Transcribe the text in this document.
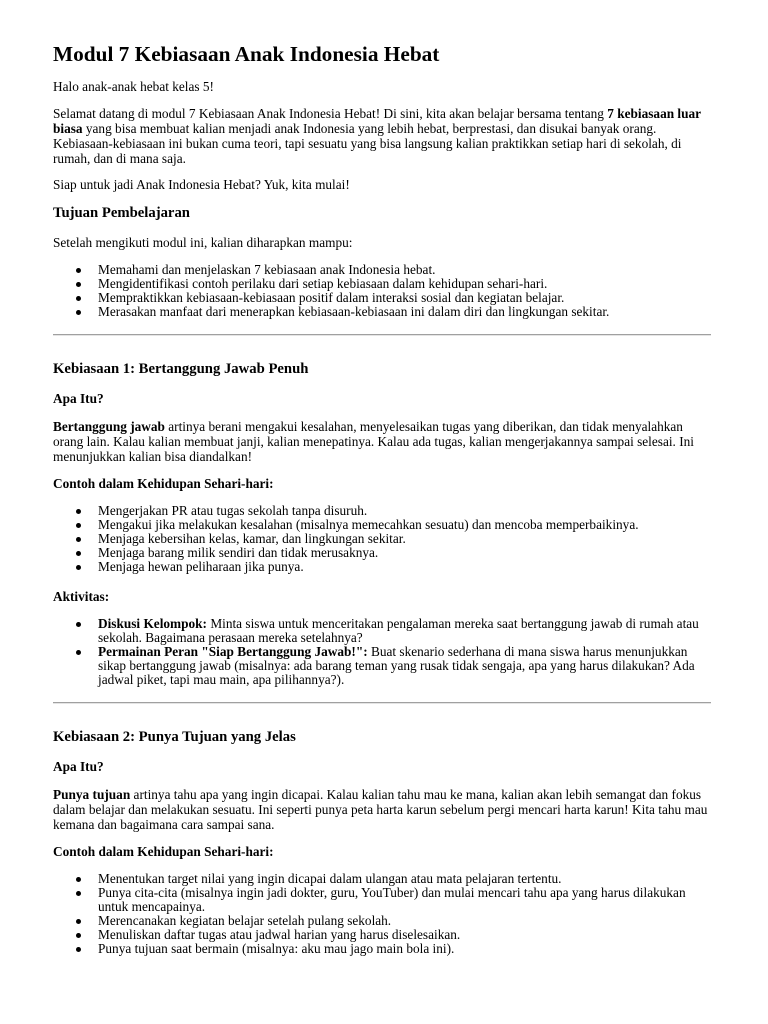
Modul 7 Kebiasaan Anak Indonesia Hebat

Halo anak-anak hebat kelas 5!

Selamat datang di modul 7 Kebiasaan Anak Indonesia Hebat! Di sini, kita akan belajar bersama tentang 7 kebiasaan luar biasa yang bisa membuat kalian menjadi anak Indonesia yang lebih hebat, berprestasi, dan disukai banyak orang. Kebiasaan-kebiasaan ini bukan cuma teori, tapi sesuatu yang bisa langsung kalian praktikkan setiap hari di sekolah, di rumah, dan di mana saja.

Siap untuk jadi Anak Indonesia Hebat? Yuk, kita mulai!

Tujuan Pembelajaran

Setelah mengikuti modul ini, kalian diharapkan mampu:

Memahami dan menjelaskan 7 kebiasaan anak Indonesia hebat.
Mengidentifikasi contoh perilaku dari setiap kebiasaan dalam kehidupan sehari-hari.
Mempraktikkan kebiasaan-kebiasaan positif dalam interaksi sosial dan kegiatan belajar.
Merasakan manfaat dari menerapkan kebiasaan-kebiasaan ini dalam diri dan lingkungan sekitar.
Kebiasaan 1: Bertanggung Jawab Penuh
Apa Itu?

Bertanggung jawab artinya berani mengakui kesalahan, menyelesaikan tugas yang diberikan, dan tidak menyalahkan orang lain. Kalau kalian membuat janji, kalian menepatinya. Kalau ada tugas, kalian mengerjakannya sampai selesai. Ini menunjukkan kalian bisa diandalkan!

Contoh dalam Kehidupan Sehari-hari:
Mengerjakan PR atau tugas sekolah tanpa disuruh.
Mengakui jika melakukan kesalahan (misalnya memecahkan sesuatu) dan mencoba memperbaikinya.
Menjaga kebersihan kelas, kamar, dan lingkungan sekitar.
Menjaga barang milik sendiri dan tidak merusaknya.
Menjaga hewan peliharaan jika punya.
Aktivitas:
Diskusi Kelompok: Minta siswa untuk menceritakan pengalaman mereka saat bertanggung jawab di rumah atau sekolah. Bagaimana perasaan mereka setelahnya?
Permainan Peran "Siap Bertanggung Jawab!": Buat skenario sederhana di mana siswa harus menunjukkan sikap bertanggung jawab (misalnya: ada barang teman yang rusak tidak sengaja, apa yang harus dilakukan? Ada jadwal piket, tapi mau main, apa pilihannya?).
Kebiasaan 2: Punya Tujuan yang Jelas
Apa Itu?

Punya tujuan artinya tahu apa yang ingin dicapai. Kalau kalian tahu mau ke mana, kalian akan lebih semangat dan fokus dalam belajar dan melakukan sesuatu. Ini seperti punya peta harta karun sebelum pergi mencari harta karun! Kita tahu mau kemana dan bagaimana cara sampai sana.

Contoh dalam Kehidupan Sehari-hari:
Menentukan target nilai yang ingin dicapai dalam ulangan atau mata pelajaran tertentu.
Punya cita-cita (misalnya ingin jadi dokter, guru, YouTuber) dan mulai mencari tahu apa yang harus dilakukan untuk mencapainya.
Merencanakan kegiatan belajar setelah pulang sekolah.
Menuliskan daftar tugas atau jadwal harian yang harus diselesaikan.
Punya tujuan saat bermain (misalnya: aku mau jago main bola ini).
